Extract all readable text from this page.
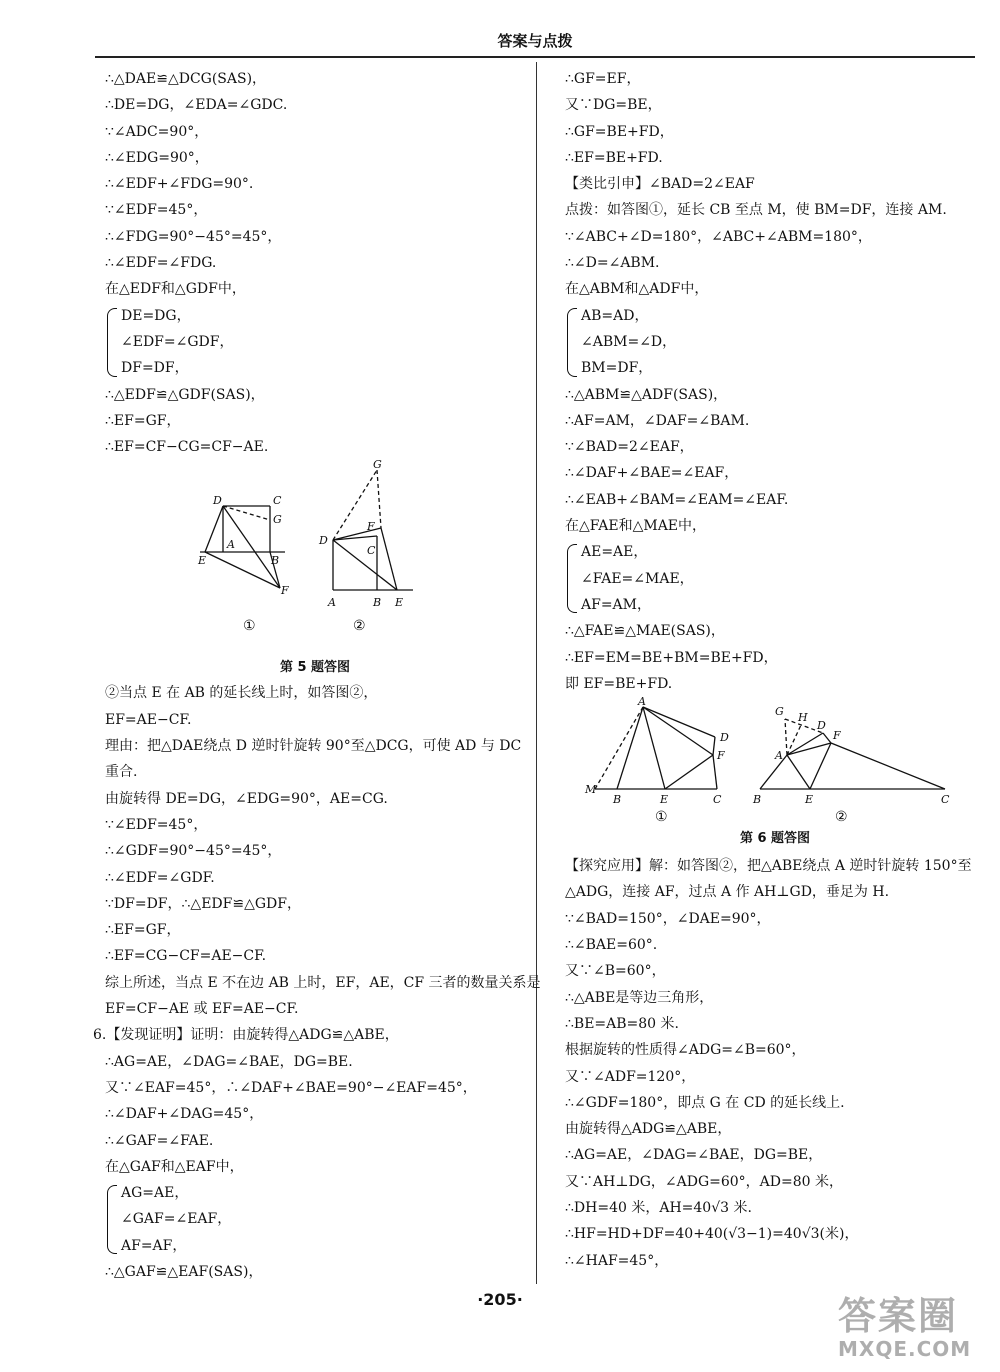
答案与点拨
∴△DAE≌△DCG(SAS)，
∴DE=DG，∠EDA=∠GDC.
∵∠ADC=90°，
∴∠EDG=90°，
∴∠EDF+∠FDG=90°.
∵∠EDF=45°，
∴∠FDG=90°−45°=45°，
∴∠EDF=∠FDG.
在△EDF和△GDF中，
DE=DG，
∠EDF=∠GDF，
DF=DF，
∴△EDF≌△GDF(SAS)，
∴EF=GF，
∴EF=CF−CG=CF−AE.
D	C
G
A
E	B
F
G
F
D
C
A	B E
①	②
第 5 题答图
②当点 E 在 AB 的延长线上时，如答图②，
EF=AE−CF.
理由：把△DAE绕点 D 逆时针旋转 90°至△DCG，可使 AD 与 DC
重合.
由旋转得 DE=DG，∠EDG=90°，AE=CG.
∵∠EDF=45°，
∴∠GDF=90°−45°=45°，
∴∠EDF=∠GDF.
∵DF=DF，∴△EDF≌△GDF，
∴EF=GF，
∴EF=CG−CF=AE−CF.
综上所述，当点 E 不在边 AB 上时，EF，AE，CF 三者的数量关系是
EF=CF−AE 或 EF=AE−CF.
6.【发现证明】证明：由旋转得△ADG≌△ABE，
∴AG=AE，∠DAG=∠BAE，DG=BE.
又∵∠EAF=45°，∴∠DAF+∠BAE=90°−∠EAF=45°，
∴∠DAF+∠DAG=45°，
∴∠GAF=∠FAE.
在△GAF和△EAF中，
AG=AE，
∠GAF=∠EAF，
AF=AF，
∴△GAF≌△EAF(SAS)，
∴GF=EF，
又∵DG=BE，
∴GF=BE+FD，
∴EF=BE+FD.
【类比引申】∠BAD=2∠EAF
点拨：如答图①，延长 CB 至点 M，使 BM=DF，连接 AM.
∵∠ABC+∠D=180°，∠ABC+∠ABM=180°，
∴∠D=∠ABM.
在△ABM和△ADF中，
AB=AD，
∠ABM=∠D，
BM=DF，
∴△ABM≌△ADF(SAS)，
∴AF=AM，∠DAF=∠BAM.
∵∠BAD=2∠EAF，
∴∠DAF+∠BAE=∠EAF，
∴∠EAB+∠BAM=∠EAM=∠EAF.
在△FAE和△MAE中，
AE=AE，
∠FAE=∠MAE，
AF=AM，
∴△FAE≌△MAE(SAS)，
∴EF=EM=BE+BM=BE+FD，
即 EF=BE+FD.
A
D
F
M
B	E	C
G H
D
F
A
B	E	C
①	②
第 6 题答图
【探究应用】解：如答图②，把△ABE绕点 A 逆时针旋转 150°至
△ADG，连接 AF，过点 A 作 AH⊥GD，垂足为 H.
∵∠BAD=150°，∠DAE=90°，
∴∠BAE=60°.
又∵∠B=60°，
∴△ABE是等边三角形，
∴BE=AB=80 米.
根据旋转的性质得∠ADG=∠B=60°，
又∵∠ADF=120°，
∴∠GDF=180°，即点 G 在 CD 的延长线上.
由旋转得△ADG≌△ABE，
∴AG=AE，∠DAG=∠BAE，DG=BE，
又∵AH⊥DG，∠ADG=60°，AD=80 米，
∴DH=40 米，AH=40√3 米.
∴HF=HD+DF=40+40(√3−1)=40√3(米)，
∴∠HAF=45°，
·205·	答案圈
MXQE.COM
